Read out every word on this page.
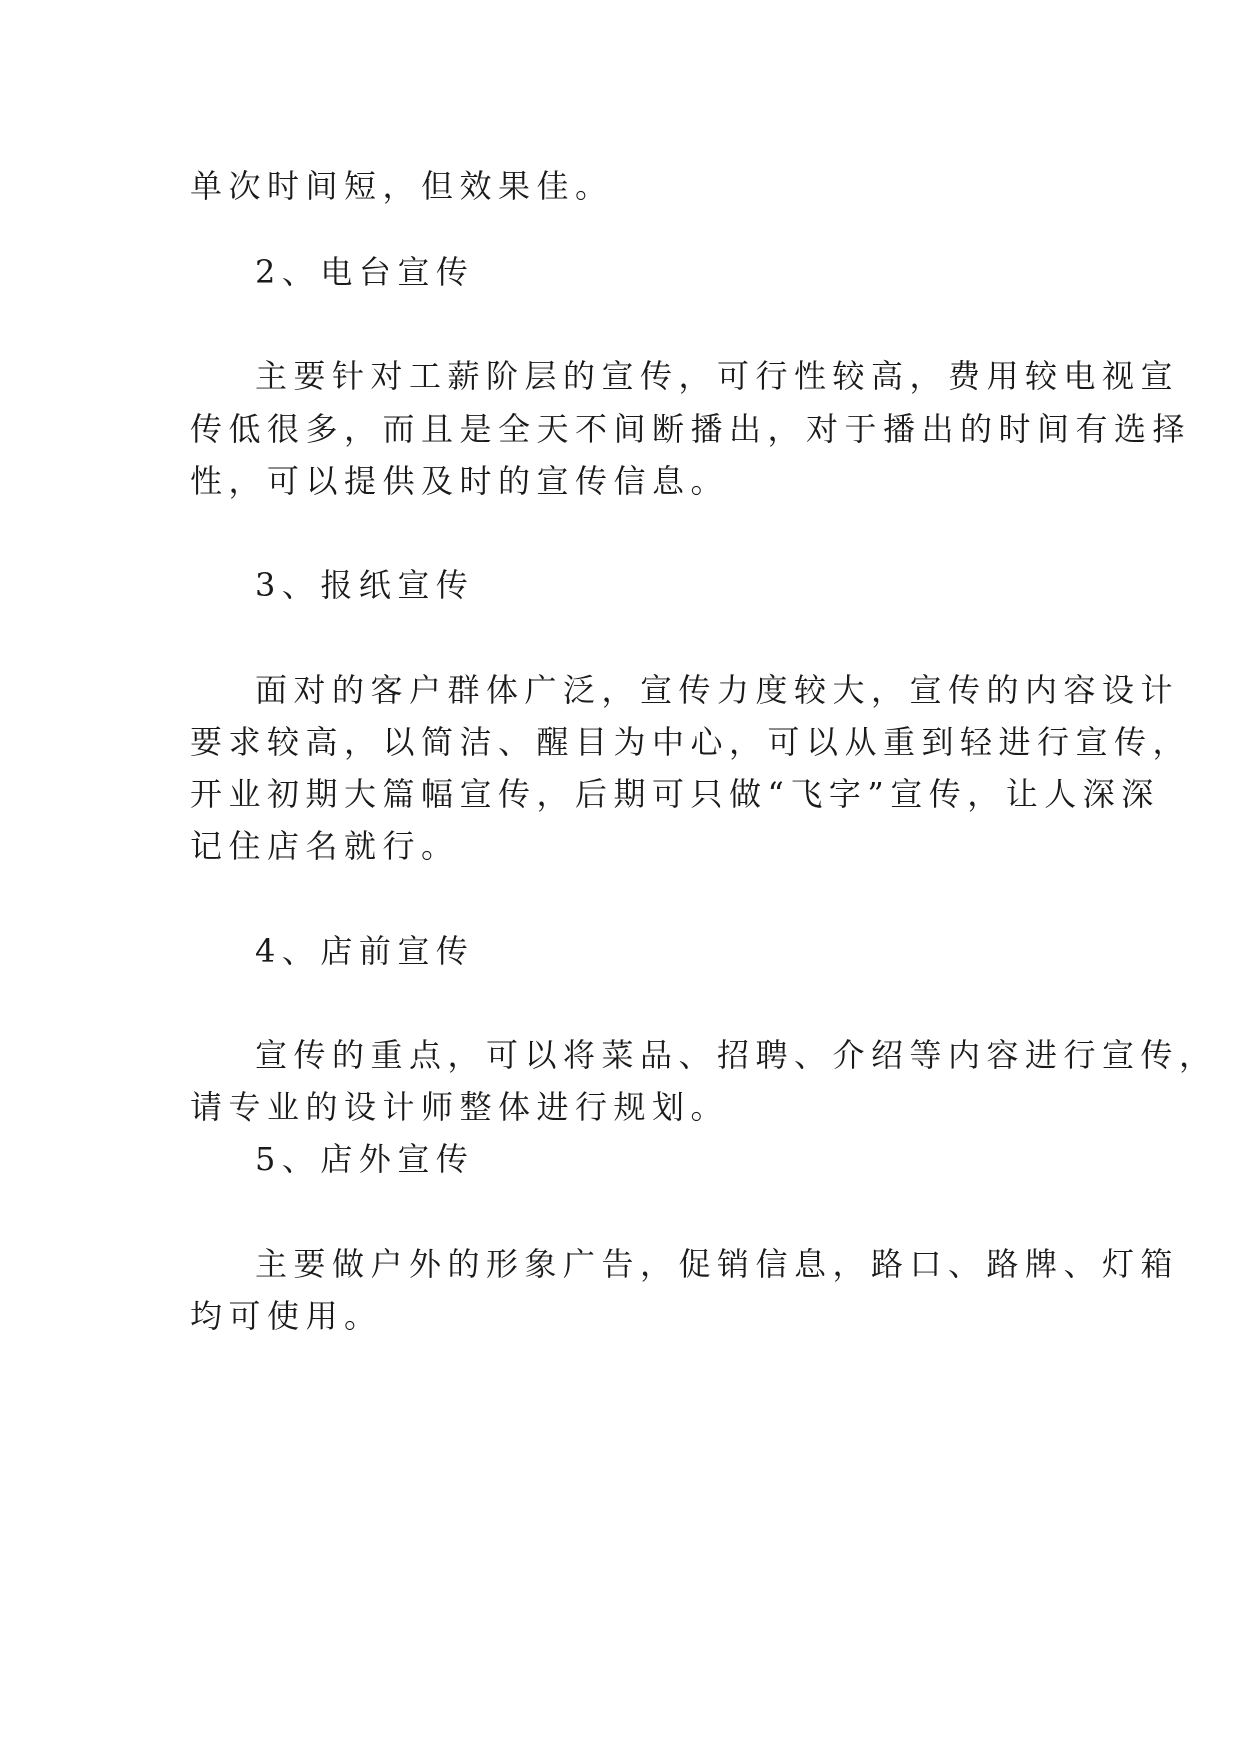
单次时间短，但效果佳。
2、电台宣传
主要针对工薪阶层的宣传，可行性较高，费用较电视宣
传低很多，而且是全天不间断播出，对于播出的时间有选择
性，可以提供及时的宣传信息。
3、报纸宣传
面对的客户群体广泛，宣传力度较大，宣传的内容设计
要求较高，以简洁、醒目为中心，可以从重到轻进行宣传，
开业初期大篇幅宣传，后期可只做“飞字”宣传，让人深深
记住店名就行。
4、店前宣传
宣传的重点，可以将菜品、招聘、介绍等内容进行宣传，
请专业的设计师整体进行规划。
5、店外宣传
主要做户外的形象广告，促销信息，路口、路牌、灯箱
均可使用。
